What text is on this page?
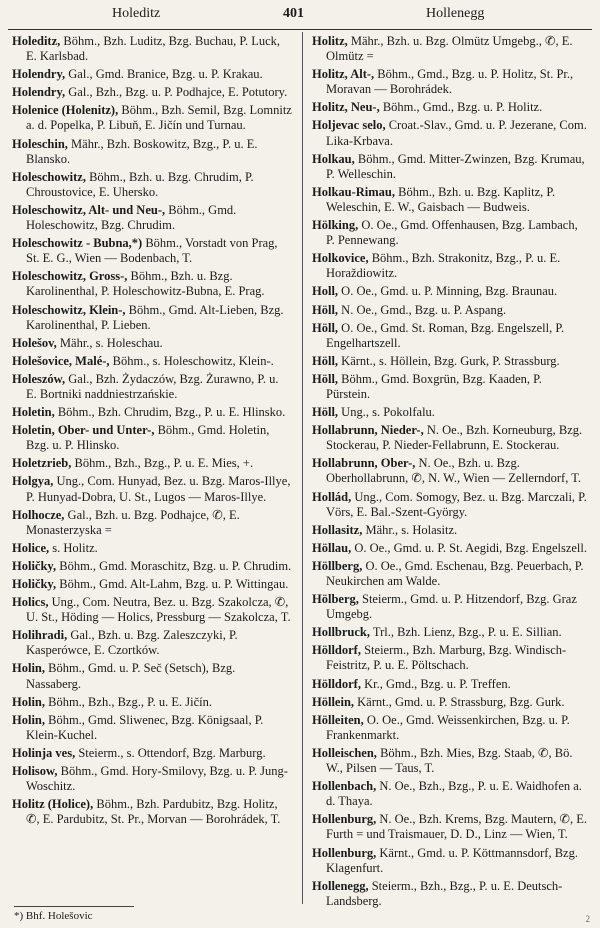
Holeditz	401	Hollenegg
Holeditz, Böhm., Bzh. Luditz, Bzg. Buchau, P. Luck, E. Karlsbad.
Holendry, Gal., Gmd. Branice, Bzg. u. P. Krakau.
Holendry, Gal., Bzh., Bzg. u. P. Podhajce, E. Potutory.
Holenice (Holenitz), Böhm., Bzh. Semil, Bzg. Lomnitz a. d. Popelka, P. Libuň, E. Jičín und Turnau.
Holeschin, Mähr., Bzh. Boskowitz, Bzg., P. u. E. Blansko.
Holeschowitz, Böhm., Bzh. u. Bzg. Chrudim, P. Chroustovice, E. Uhersko.
Holeschowitz, Alt- und Neu-, Böhm., Gmd. Holeschowitz, Bzg. Chrudim.
Holeschowitz - Bubna,*) Böhm., Vorstadt von Prag, St. E. G., Wien — Bodenbach, T.
Holeschowitz, Gross-, Böhm., Bzh. u. Bzg. Karolinenthal, P. Holeschowitz-Bubna, E. Prag.
Holeschowitz, Klein-, Böhm., Gmd. Alt-Lieben, Bzg. Karolinenthal, P. Lieben.
Holešov, Mähr., s. Holeschau.
Holešovice, Malé-, Böhm., s. Holeschowitz, Klein-.
Holeszów, Gal., Bzh. Żydaczów, Bzg. Żurawno, P. u. E. Bortniki naddniestrzańskie.
Holetin, Böhm., Bzh. Chrudim, Bzg., P. u. E. Hlinsko.
Holetin, Ober- und Unter-, Böhm., Gmd. Holetin, Bzg. u. P. Hlinsko.
Holetzrieb, Böhm., Bzh., Bzg., P. u. E. Mies, +.
Holgya, Ung., Com. Hunyad, Bez. u. Bzg. Maros-Illye, P. Hunyad-Dobra, U. St., Lugos — Maros-Illye.
Holhocze, Gal., Bzh. u. Bzg. Podhajce, ✆, E. Monasterzyska =
Holice, s. Holitz.
Holičky, Böhm., Gmd. Moraschitz, Bzg. u. P. Chrudim.
Holičky, Böhm., Gmd. Alt-Lahm, Bzg. u. P. Wittingau.
Holics, Ung., Com. Neutra, Bez. u. Bzg. Szakolcza, ✆, U. St., Höding — Holics, Pressburg — Szakolcza, T.
Holihradi, Gal., Bzh. u. Bzg. Zaleszczyki, P. Kasperówce, E. Czortków.
Holin, Böhm., Gmd. u. P. Seč (Setsch), Bzg. Nassaberg.
Holin, Böhm., Bzh., Bzg., P. u. E. Jičín.
Holin, Böhm., Gmd. Sliwenec, Bzg. Königsaal, P. Klein-Kuchel.
Holinja ves, Steierm., s. Ottendorf, Bzg. Marburg.
Holisow, Böhm., Gmd. Hory-Smilovy, Bzg. u. P. Jung-Woschitz.
Holitz (Holice), Böhm., Bzh. Pardubitz, Bzg. Holitz, ✆, E. Pardubitz, St. Pr., Morvan — Borohrádek, T.
Holitz, Mähr., Bzh. u. Bzg. Olmütz Umgebg., ✆, E. Olmütz =
Holitz, Alt-, Böhm., Gmd., Bzg. u. P. Holitz, St. Pr., Moravan — Borohrádek.
Holitz, Neu-, Böhm., Gmd., Bzg. u. P. Holitz.
Holjevac selo, Croat.-Slav., Gmd. u. P. Jezerane, Com. Lika-Krbava.
Holkau, Böhm., Gmd. Mitter-Zwinzen, Bzg. Krumau, P. Welleschin.
Holkau-Rimau, Böhm., Bzh. u. Bzg. Kaplitz, P. Weleschin, E. W., Gaisbach — Budweis.
Hölking, O. Oe., Gmd. Offenhausen, Bzg. Lambach, P. Pennewang.
Holkovice, Böhm., Bzh. Strakonitz, Bzg., P. u. E. Horaždiowitz.
Holl, O. Oe., Gmd. u. P. Minning, Bzg. Braunau.
Höll, N. Oe., Gmd., Bzg. u. P. Aspang.
Höll, O. Oe., Gmd. St. Roman, Bzg. Engelszell, P. Engelhartszell.
Höll, Kärnt., s. Höllein, Bzg. Gurk, P. Strassburg.
Höll, Böhm., Gmd. Boxgrün, Bzg. Kaaden, P. Pürstein.
Höll, Ung., s. Pokolfalu.
Hollabrunn, Nieder-, N. Oe., Bzh. Korneuburg, Bzg. Stockerau, P. Nieder-Fellabrunn, E. Stockerau.
Hollabrunn, Ober-, N. Oe., Bzh. u. Bzg. Oberhollabrunn, ✆, N. W., Wien — Zellerndorf, T.
Hollád, Ung., Com. Somogy, Bez. u. Bzg. Marczali, P. Vörs, E. Bal.-Szent-György.
Hollasitz, Mähr., s. Holasitz.
Höllau, O. Oe., Gmd. u. P. St. Aegidi, Bzg. Engelszell.
Höllberg, O. Oe., Gmd. Eschenau, Bzg. Peuerbach, P. Neukirchen am Walde.
Hölberg, Steierm., Gmd. u. P. Hitzendorf, Bzg. Graz Umgebg.
Hollbruck, Trl., Bzh. Lienz, Bzg., P. u. E. Sillian.
Hölldorf, Steierm., Bzh. Marburg, Bzg. Windisch-Feistritz, P. u. E. Pöltschach.
Hölldorf, Kr., Gmd., Bzg. u. P. Treffen.
Höllein, Kärnt., Gmd. u. P. Strassburg, Bzg. Gurk.
Hölleiten, O. Oe., Gmd. Weissenkirchen, Bzg. u. P. Frankenmarkt.
Holleischen, Böhm., Bzh. Mies, Bzg. Staab, ✆, Bö. W., Pilsen — Taus, T.
Hollenbach, N. Oe., Bzh., Bzg., P. u. E. Waidhofen a. d. Thaya.
Hollenburg, N. Oe., Bzh. Krems, Bzg. Mautern, ✆, E. Furth = und Traismauer, D. D., Linz — Wien, T.
Hollenburg, Kärnt., Gmd. u. P. Köttmannsdorf, Bzg. Klagenfurt.
Hollenegg, Steierm., Bzh., Bzg., P. u. E. Deutsch-Landsberg.
*) Bhf. Holešovic	2
